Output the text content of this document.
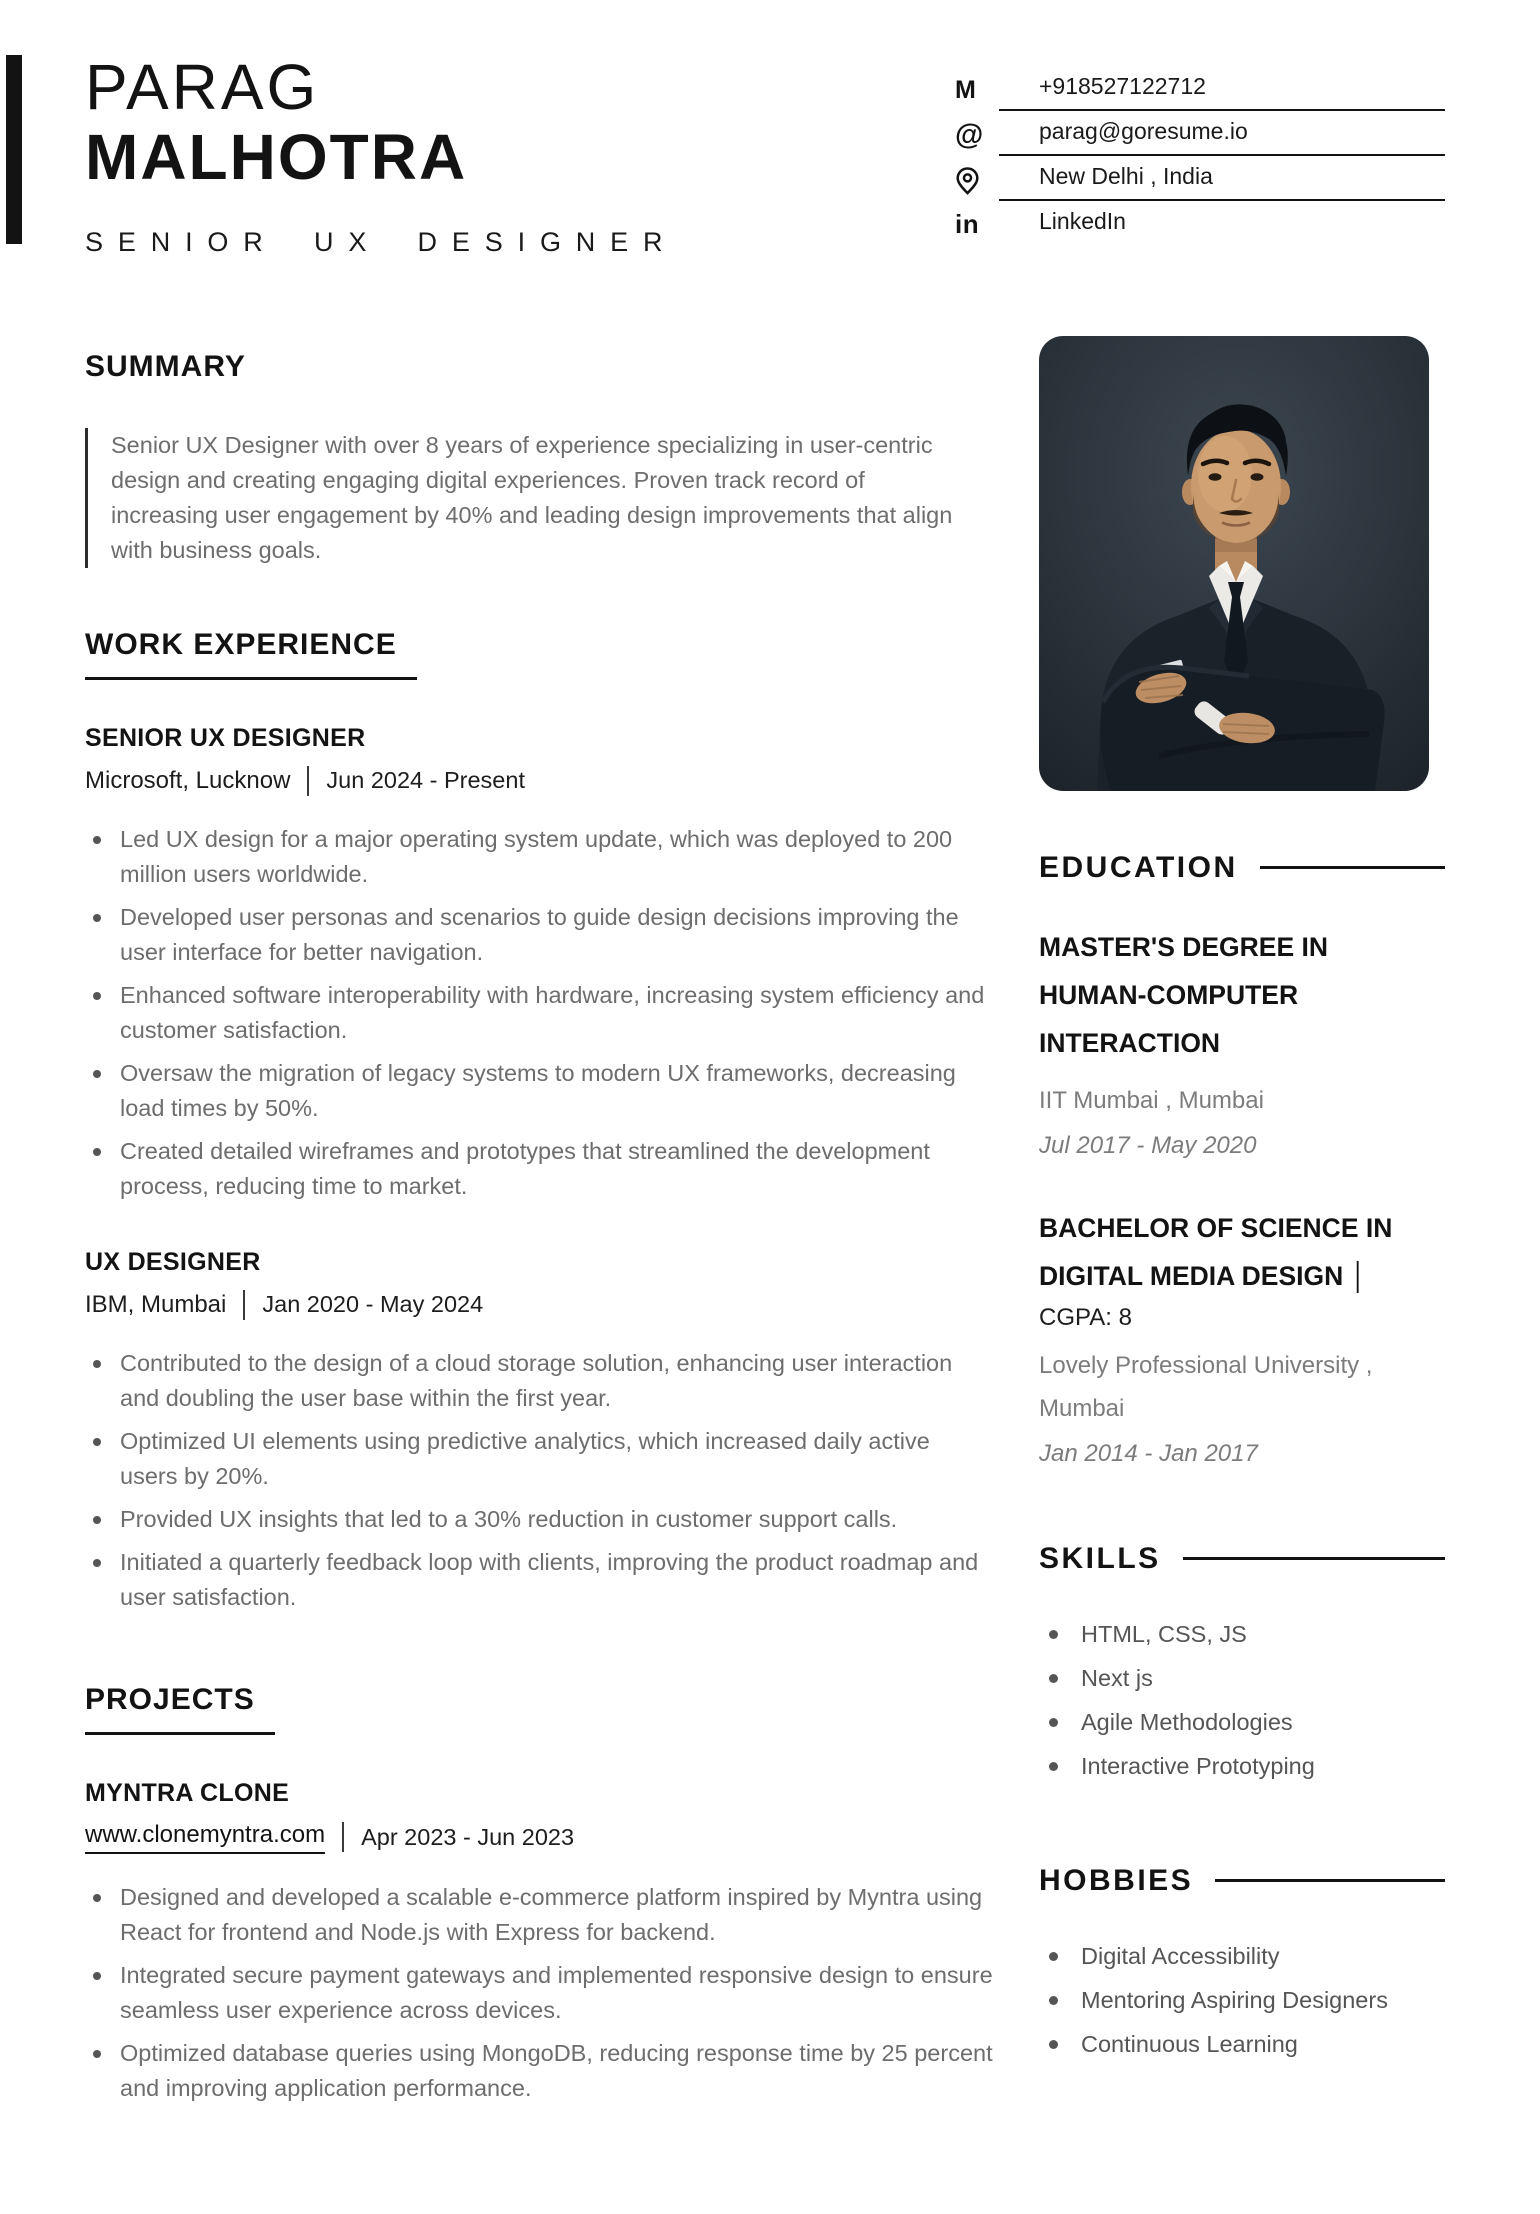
PARAG
MALHOTRA
SENIOR UX DESIGNER
M	+918527122712
@	parag@goresume.io
New Delhi , India
in	LinkedIn
SUMMARY

Senior UX Designer with over 8 years of experience specializing in user-centric design and creating engaging digital experiences. Proven track record of increasing user engagement by 40% and leading design improvements that align with business goals.

WORK EXPERIENCE
SENIOR UX DESIGNER
Microsoft, Lucknow Jun 2024 - Present
Led UX design for a major operating system update, which was deployed to 200 million users worldwide.
Developed user personas and scenarios to guide design decisions improving the user interface for better navigation.
Enhanced software interoperability with hardware, increasing system efficiency and customer satisfaction.
Oversaw the migration of legacy systems to modern UX frameworks, decreasing load times by 50%.
Created detailed wireframes and prototypes that streamlined the development process, reducing time to market.
UX DESIGNER
IBM, Mumbai Jan 2020 - May 2024
Contributed to the design of a cloud storage solution, enhancing user interaction and doubling the user base within the first year.
Optimized UI elements using predictive analytics, which increased daily active users by 20%.
Provided UX insights that led to a 30% reduction in customer support calls.
Initiated a quarterly feedback loop with clients, improving the product roadmap and user satisfaction.
PROJECTS
MYNTRA CLONE
www.clonemyntra.com Apr 2023 - Jun 2023
Designed and developed a scalable e-commerce platform inspired by Myntra using React for frontend and Node.js with Express for backend.
Integrated secure payment gateways and implemented responsive design to ensure seamless user experience across devices.
Optimized database queries using MongoDB, reducing response time by 25 percent and improving application performance.
EDUCATION
MASTER'S DEGREE IN HUMAN-COMPUTER INTERACTION
IIT Mumbai , Mumbai
Jul 2017 - May 2020
BACHELOR OF SCIENCE IN DIGITAL MEDIA DESIGN │
CGPA: 8
Lovely Professional University , Mumbai
Jan 2014 - Jan 2017
SKILLS
HTML, CSS, JS
Next js
Agile Methodologies
Interactive Prototyping
HOBBIES
Digital Accessibility
Mentoring Aspiring Designers
Continuous Learning
